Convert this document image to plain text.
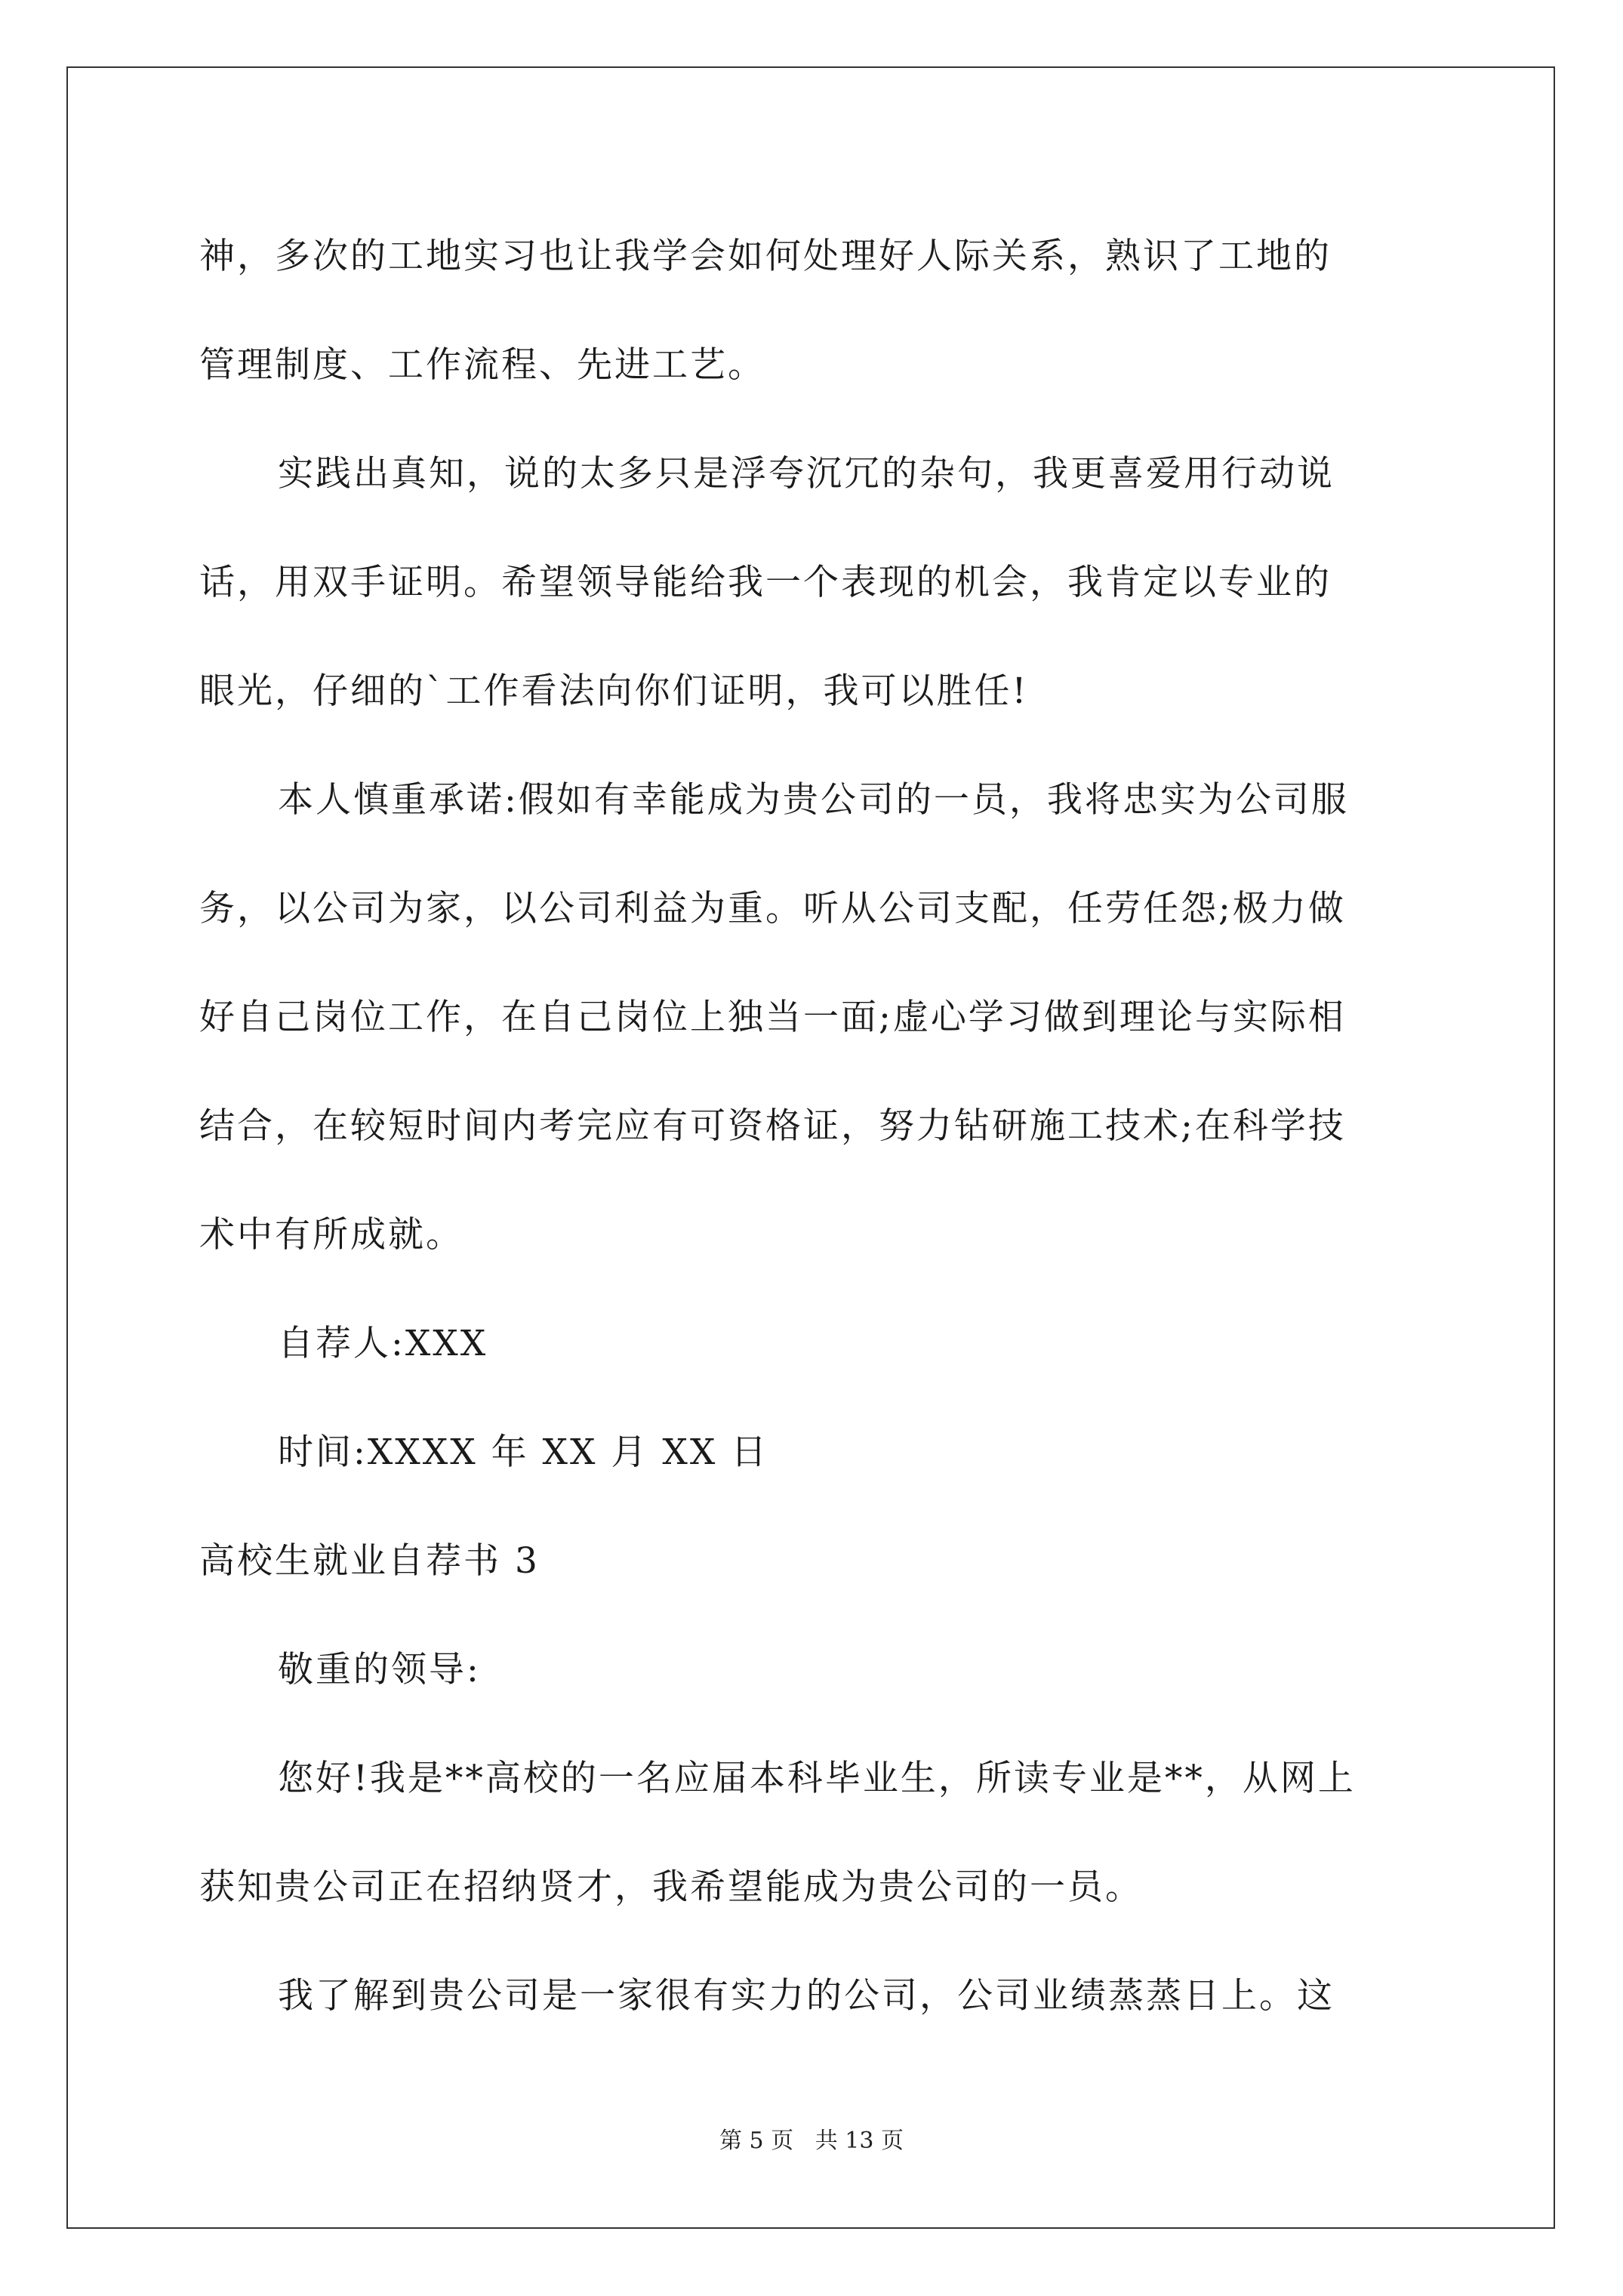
神，多次的工地实习也让我学会如何处理好人际关系，熟识了工地的
管理制度、工作流程、先进工艺。

实践出真知，说的太多只是浮夸沉冗的杂句，我更喜爱用行动说
话，用双手证明。希望领导能给我一个表现的机会，我肯定以专业的
眼光，仔细的`工作看法向你们证明，我可以胜任!

本人慎重承诺:假如有幸能成为贵公司的一员，我将忠实为公司服
务，以公司为家，以公司利益为重。听从公司支配，任劳任怨;极力做
好自己岗位工作，在自己岗位上独当一面;虚心学习做到理论与实际相
结合，在较短时间内考完应有可资格证，努力钻研施工技术;在科学技
术中有所成就。

自荐人:XXX

时间:XXXX 年 XX 月 XX 日

高校生就业自荐书 3

敬重的领导:

您好!我是**高校的一名应届本科毕业生，所读专业是**，从网上
获知贵公司正在招纳贤才，我希望能成为贵公司的一员。

我了解到贵公司是一家很有实力的公司，公司业绩蒸蒸日上。这

第 5 页 共 13 页
